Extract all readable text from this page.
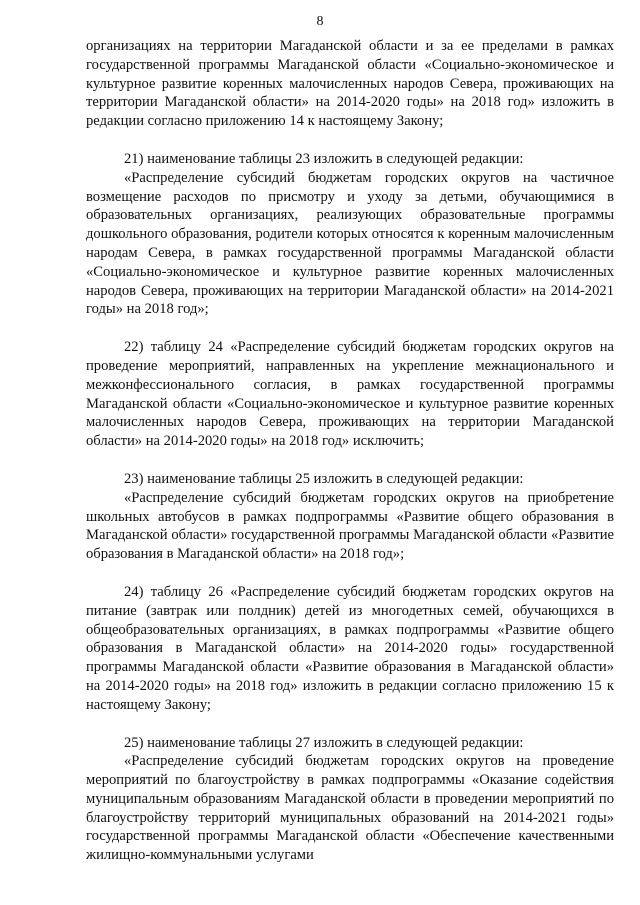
8

организациях на территории Магаданской области и за ее пределами в рамках государственной программы Магаданской области «Социально-экономическое и культурное развитие коренных малочисленных народов Севера, проживающих на территории Магаданской области» на 2014-2020 годы» на 2018 год» изложить в редакции согласно приложению 14 к настоящему Закону;

21) наименование таблицы 23 изложить в следующей редакции:

«Распределение субсидий бюджетам городских округов на частичное возмещение расходов по присмотру и уходу за детьми, обучающимися в образовательных организациях, реализующих образовательные программы дошкольного образования, родители которых относятся к коренным малочисленным народам Севера, в рамках государственной программы Магаданской области «Социально-экономическое и культурное развитие коренных малочисленных народов Севера, проживающих на территории Магаданской области» на 2014-2021 годы» на 2018 год»;

22) таблицу 24 «Распределение субсидий бюджетам городских округов на проведение мероприятий, направленных на укрепление межнационального и межконфессионального согласия, в рамках государственной программы Магаданской области «Социально-экономическое и культурное развитие коренных малочисленных народов Севера, проживающих на территории Магаданской области» на 2014-2020 годы» на 2018 год» исключить;

23) наименование таблицы 25 изложить в следующей редакции:

«Распределение субсидий бюджетам городских округов на приобретение школьных автобусов в рамках подпрограммы «Развитие общего образования в Магаданской области» государственной программы Магаданской области «Развитие образования в Магаданской области» на 2018 год»;

24) таблицу 26 «Распределение субсидий бюджетам городских округов на питание (завтрак или полдник) детей из многодетных семей, обучающихся в общеобразовательных организациях, в рамках подпрограммы «Развитие общего образования в Магаданской области» на 2014-2020 годы» государственной программы Магаданской области «Развитие образования в Магаданской области» на 2014-2020 годы» на 2018 год» изложить в редакции согласно приложению 15 к настоящему Закону;

25) наименование таблицы 27 изложить в следующей редакции:

«Распределение субсидий бюджетам городских округов на проведение мероприятий по благоустройству в рамках подпрограммы «Оказание содействия муниципальным образованиям Магаданской области в проведении мероприятий по благоустройству территорий муниципальных образований на 2014-2021 годы» государственной программы Магаданской области «Обеспечение качественными жилищно-коммунальными услугами
